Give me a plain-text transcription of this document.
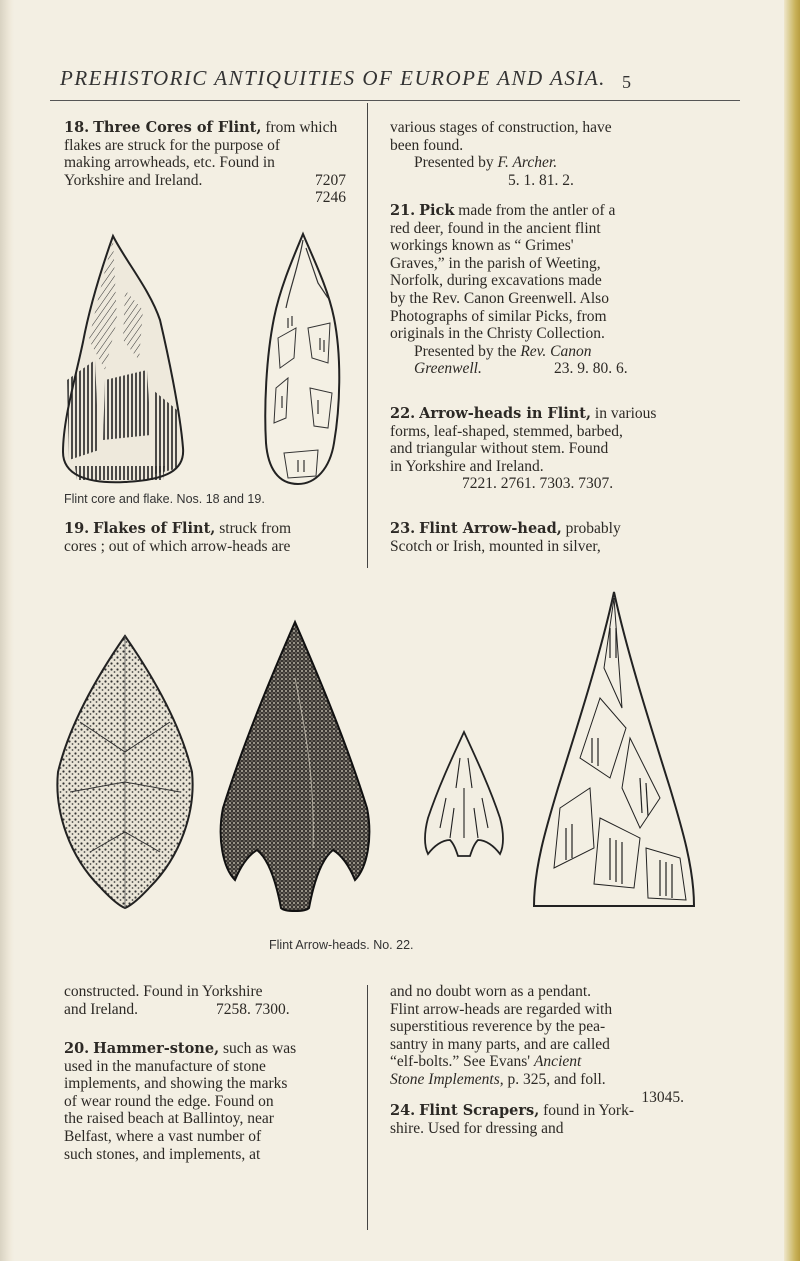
PREHISTORIC ANTIQUITIES OF EUROPE AND ASIA. 5

18. Three Cores of Flint, from which

flakes are struck for the purpose of

making arrowheads, etc. Found in

Yorkshire and Ireland.	7207

7246

Flint core and flake. Nos. 18 and 19.

19. Flakes of Flint, struck from

cores ; out of which arrow-heads are

various stages of construction, have

been found.

Presented by F. Archer.

5. 1. 81. 2.

21. Pick made from the antler of a

red deer, found in the ancient flint

workings known as “ Grimes'

Graves,” in the parish of Weeting,

Norfolk, during excavations made

by the Rev. Canon Greenwell. Also

Photographs of similar Picks, from

originals in the Christy Collection.

Presented by the Rev. Canon

Greenwell.	23. 9. 80. 6.

22. Arrow-heads in Flint, in various

forms, leaf-shaped, stemmed, barbed,

and triangular without stem. Found

in Yorkshire and Ireland.

7221. 2761. 7303. 7307.

23. Flint Arrow-head, probably

Scotch or Irish, mounted in silver,

Flint Arrow-heads. No. 22.

constructed. Found in Yorkshire

and Ireland.	7258. 7300.

20. Hammer-stone, such as was

used in the manufacture of stone

implements, and showing the marks

of wear round the edge. Found on

the raised beach at Ballintoy, near

Belfast, where a vast number of

such stones, and implements, at

and no doubt worn as a pendant.

Flint arrow-heads are regarded with

superstitious reverence by the pea-

santry in many parts, and are called

“elf-bolts.” See Evans' Ancient

Stone Implements, p. 325, and foll.

13045.

24. Flint Scrapers, found in York-

shire. Used for dressing and
